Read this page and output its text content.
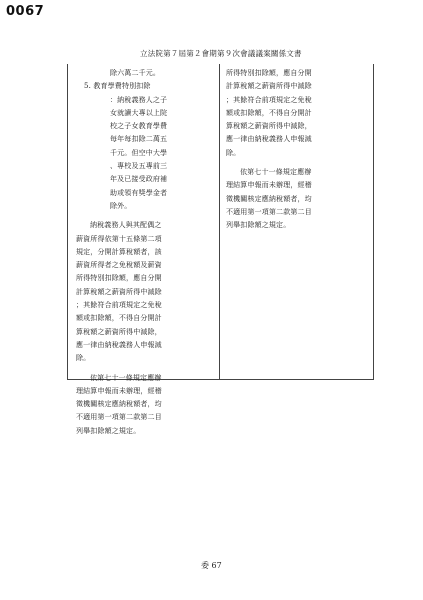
0067
立法院第７屆第２會期第９次會議議案關係文書
除六萬二千元。
5. 教育學費特別扣除
：納稅義務人之子
女就讀大專以上院
校之子女教育學費
每年每扣除二萬五
千元。但空中大學
、專校及五專前三
年及已接受政府補
助或領有獎學金者
除外。
納稅義務人與其配偶之
薪資所得依第十五條第二項
規定，分開計算稅額者，該
薪資所得者之免稅額及薪資
所得特別扣除額，應自分開
計算稅額之薪資所得中減除
；其餘符合前項規定之免稅
額或扣除額，不得自分開計
算稅額之薪資所得中減除，
應一律由納稅義務人申報減
除。
依第七十一條規定應辦
理結算申報而未辦理，經稽
徵機關核定應納稅額者，均
不適用第一項第二款第二目
列舉扣除額之規定。
所得特別扣除額，應自分開
計算稅額之薪資所得中減除
；其餘符合前項規定之免稅
額或扣除額，不得自分開計
算稅額之薪資所得中減除，
應一律由納稅義務人申報減
除。
依第七十一條規定應辦
理結算申報而未辦理，經稽
徵機關核定應納稅額者，均
不適用第一項第二款第二目
列舉扣除額之規定。
委 67
